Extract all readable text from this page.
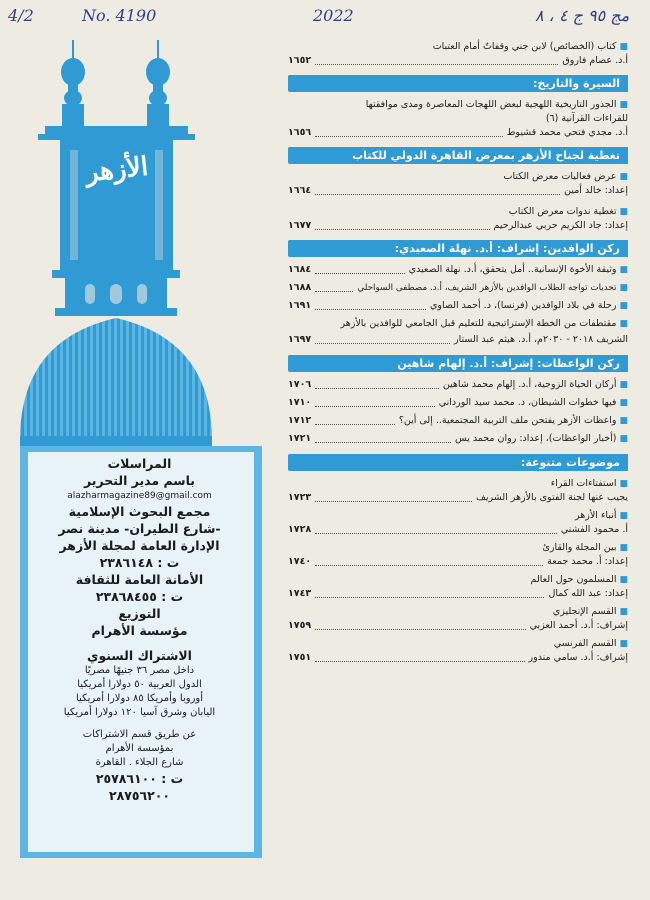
مج ٩٥ ج ٤ ، ٨
2022
No. 4190
4/2
الأزهر
المراسلات
باسم مدير التحرير
alazharmagazine89@gmail.com
مجمع البحوث الإسلامية
-شارع الطيران- مدينة نصر
الإدارة العامة لمجلة الأزهر
ت : ٢٣٨٦١٤٨
الأمانة العامة للثقافة
ت : ٢٣٨٦٨٤٥٥
التوزيع
مؤسسة الأهرام
الاشتراك السنوي
داخل مصر ٣٦ جنيهًا مصريًا
الدول العربية ٥٠ دولارا أمريكيا
أوروبا وأمريكا ٨٥ دولارا أمريكيا
اليابان وشرق آسيا ١٢٠ دولارا أمريكيا
عن طريق قسم الاشتراكات
بمؤسسة الأهرام
شارع الجلاء . القاهرة
ت : ٢٥٧٨٦١٠٠
٢٨٧٥٦٢٠٠
■كتاب (الخصائص) لابن جني وقفاتٌ أمام العتبات
أ.د. عصام فاروق
١٦٥٢
السيرة والتاريخ:
■الجذور التاريخية اللهجية لبعض اللهجات المعاصرة ومدى موافقتها
للقراءات القرآنية (٦)
أ.د. مجدي فتحي محمد قشيوط
١٦٥٦
تغطية لجناح الأزهر بمعرض القاهرة الدولي للكتاب
■عرض فعاليات معرض الكتاب
إعداد: خالد أمين
١٦٦٤
■تغطية ندوات معرض الكتاب
إعداد: جاد الكريم حربي عبدالرحيم
١٦٧٧
ركن الوافدين: إشراف: أ.د. نهلة الصعيدي:
■وثيقة الأخوة الإنسانية.. أمل يتحقق، أ.د. نهلة الصعيدي
١٦٨٤
■تحديات تواجه الطلاب الوافدين بالأزهر الشريف، أ.د. مصطفى السواحلي
١٦٨٨
■رحلة في بلاد الوافدين (فرنسا)، د. أحمد الصاوي
١٦٩١
■مقتطفات من الخطة الإستراتيجية للتعليم قبل الجامعي للوافدين بالأزهر
الشريف ٢٠١٨ - ٢٠٣٠م، أ.د. هيثم عبد الستار
١٦٩٧
ركن الواعظات: إشراف: أ.د. إلهام شاهين
■أركان الحياة الزوجية، أ.د. إلهام محمد شاهين
١٧٠٦
■فيها خطوات الشيطان، د. محمد سيد الورداني
١٧١٠
■واعظات الأزهر يفتحن ملف التربية المجتمعية.. إلى أين؟
١٧١٢
■(أخبار الواعظات)، إعداد: روان محمد يس
١٧٢١
موضوعات متنوعة:
■استفتاءات القراء
يجيب عنها لجنة الفتوى بالأزهر الشريف
١٧٢٣
■أنباء الأزهر
أ. محمود الفشني
١٧٢٨
■بين المجلة والقارئ
إعداد: أ. محمد جمعة
١٧٤٠
■المسلمون حول العالم
إعداد: عبد الله كمال
١٧٤٣
■القسم الإنجليزي
إشراف: أ.د. أحمد العزبي
١٧٥٩
■القسم الفرنسي
إشراف: أ.د. سامي مندور
١٧٥١
